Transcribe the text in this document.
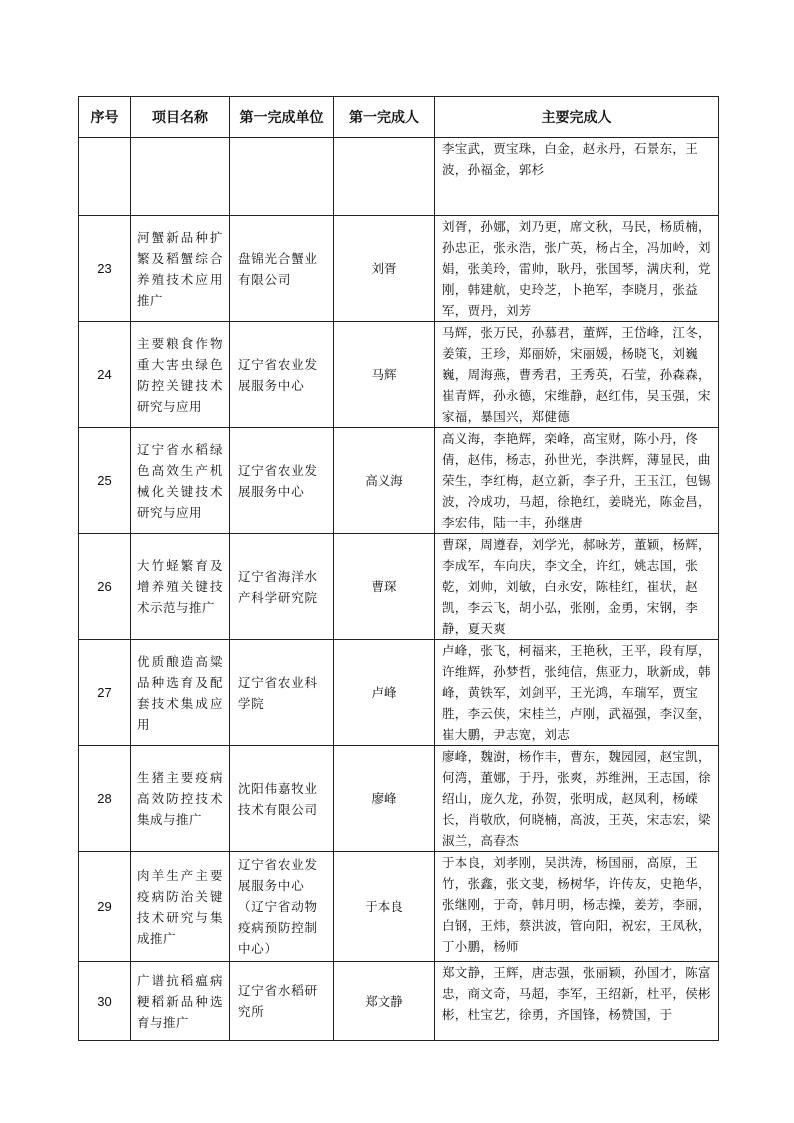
序号	项目名称	第一完成单位	第一完成人	主要完成人
				李宝武，贾宝珠，白金，赵永丹，石景东，王波，孙福金，郭杉
23	河蟹新品种扩繁及稻蟹综合养殖技术应用推广	盘锦光合蟹业有限公司	刘胥	刘胥，孙娜，刘乃更，席文秋，马民，杨质楠，孙忠正，张永浩，张广英，杨占全，冯加岭，刘娟，张美玲，雷帅，耿丹，张国琴，满庆利，党刚，韩建航，史玲芝，卜艳军，李晓月，张益军，贾丹，刘芳
24	主要粮食作物重大害虫绿色防控关键技术研究与应用	辽宁省农业发展服务中心	马辉	马辉，张万民，孙慕君，董辉，王岱峰，江冬，姜策，王珍，郑丽娇，宋丽媛，杨晓飞，刘巍巍，周海燕，曹秀君，王秀英，石莹，孙森森，崔青辉，孙永德，宋维静，赵红伟，吴玉强，宋家福，暴国兴，郑健德
25	辽宁省水稻绿色高效生产机械化关键技术研究与应用	辽宁省农业发展服务中心	高义海	高义海，李艳辉，栾峰，高宝财，陈小丹，佟倩，赵伟，杨志，孙世光，李洪辉，薄显民，曲荣生，李红梅，赵立新，李子升，王玉江，包锡波，冷成功，马超，徐艳红，姜晓光，陈金昌，李宏伟，陆一丰，孙继唐
26	大竹蛏繁育及增养殖关键技术示范与推广	辽宁省海洋水产科学研究院	曹琛	曹琛，周遵春，刘学光，郝咏芳，董颖，杨辉，李成军，车向庆，李文全，许红，姚志国，张乾，刘帅，刘敏，白永安，陈桂红，崔状，赵凯，李云飞，胡小弘，张刚，金勇，宋钢，李静，夏天爽
27	优质酿造高粱品种选育及配套技术集成应用	辽宁省农业科学院	卢峰	卢峰，张飞，柯福来，王艳秋，王平，段有厚，许维辉，孙梦哲，张纯信，焦亚力，耿新成，韩峰，黄铁军，刘剑平，王光鸿，车瑞军，贾宝胜，李云侠，宋桂兰，卢刚，武福强，李汉奎，崔大鹏，尹志宽，刘志
28	生猪主要疫病高效防控技术集成与推广	沈阳伟嘉牧业技术有限公司	廖峰	廖峰，魏澍，杨作丰，曹东，魏园园，赵宝凯，何湾，董娜，于丹，张爽，苏维洲，王志国，徐绍山，庞久龙，孙贺，张明成，赵凤利，杨嵘长，肖敬欣，何晓楠，高波，王英，宋志宏，梁淑兰，高春杰
29	肉羊生产主要疫病防治关键技术研究与集成推广	辽宁省农业发展服务中心（辽宁省动物疫病预防控制中心）	于本良	于本良，刘孝刚，吴洪涛，杨国丽，高原，王竹，张鑫，张文斐，杨树华，许传友，史艳华，张继刚，于奇，韩月明，杨志操，姜芳，李丽，白钢，王炜，蔡洪波，管向阳，祝宏，王凤秋，丁小鹏，杨师
30	广谱抗稻瘟病粳稻新品种选育与推广	辽宁省水稻研究所	郑文静	郑文静，王辉，唐志强，张丽颖，孙国才，陈富忠，商文奇，马超，李军，王绍新，杜平，侯彬彬，杜宝艺，徐勇，齐国锋，杨赞国，于
